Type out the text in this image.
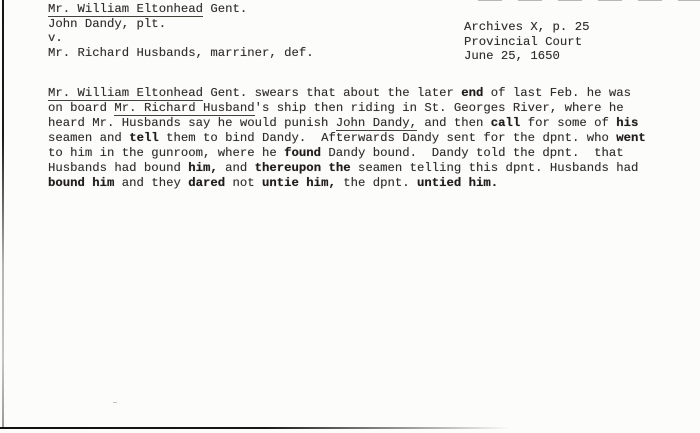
Mr. William Eltonhead Gent.
John Dandy, plt.
v.
Mr. Richard Husbands, marriner, def.
Archives X, p. 25
Provincial Court
June 25, 1650
Mr. William Eltonhead Gent. swears that about the later end of last Feb. he was
on board Mr. Richard Husband's ship then riding in St. Georges River, where he
heard Mr. Husbands say he would punish John Dandy, and then call for some of his
seamen and tell them to bind Dandy.  Afterwards Dandy sent for the dpnt. who went
to him in the gunroom, where he found Dandy bound.  Dandy told the dpnt.  that
Husbands had bound him, and thereupon the seamen telling this dpnt. Husbands had
bound him and they dared not untie him, the dpnt. untied him.
